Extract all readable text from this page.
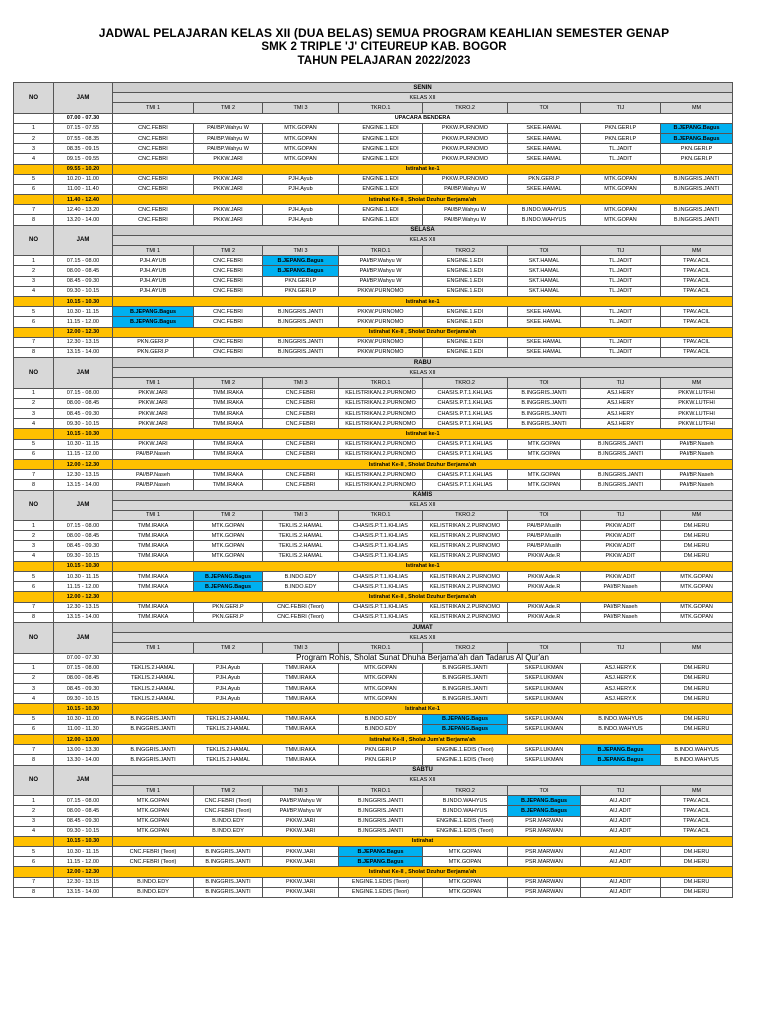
JADWAL PELAJARAN KELAS XII (DUA BELAS) SEMUA PROGRAM KEAHLIAN SEMESTER GENAP
SMK 2 TRIPLE 'J' CITEUREUP KAB. BOGOR
TAHUN PELAJARAN 2022/2023
NO	JAM	SENIN							
		KELAS XII							
		TMI 1	TMI 2	TMI 3	TKRO.1	TKRO.2	TOI	TIJ	MM
	07.00 - 07.30	UPACARA BENDERA							
1	07.15 - 07.55	CNC.FEBRI	PAI/BP.Wahyu W	MTK.GOPAN	ENGINE.1.EDI	PKKW.PURNOMO	SKEE.HAMAL	PKN.GERI.P	B.JEPANG.Bagus
2	07.55 - 08.35	CNC.FEBRI	PAI/BP.Wahyu W	MTK.GOPAN	ENGINE.1.EDI	PKKW.PURNOMO	SKEE.HAMAL	PKN.GERI.P	B.JEPANG.Bagus
3	08.35 - 09.15	CNC.FEBRI	PAI/BP.Wahyu W	MTK.GOPAN	ENGINE.1.EDI	PKKW.PURNOMO	SKEE.HAMAL	TL.JADIT	PKN.GERI.P
4	09.15 - 09.55	CNC.FEBRI	PKKW.JARI	MTK.GOPAN	ENGINE.1.EDI	PKKW.PURNOMO	SKEE.HAMAL	TL.JADIT	PKN.GERI.P
	09.55 - 10.20	Istirahat ke-1							
5	10.20 - 11.00	CNC.FEBRI	PKKW.JARI	PJH.Ayub	ENGINE.1.EDI	PKKW.PURNOMO	PKN.GERI.P	MTK.GOPAN	B.INGGRIS.JANTI
6	11.00 - 11.40	CNC.FEBRI	PKKW.JARI	PJH.Ayub	ENGINE.1.EDI	PAI/BP.Wahyu W	SKEE.HAMAL	MTK.GOPAN	B.INGGRIS.JANTI
	11.40 - 12.40	Istirahat Ke-II , Sholat Dzuhur Berjama'ah							
7	12.40 - 13.20	CNC.FEBRI	PKKW.JARI	PJH.Ayub	ENGINE.1.EDI	PAI/BP.Wahyu W	B.INDO.WAHYUS	MTK.GOPAN	B.INGGRIS.JANTI
8	13.20 - 14.00	CNC.FEBRI	PKKW.JARI	PJH.Ayub	ENGINE.1.EDI	PAI/BP.Wahyu W	B.INDO.WAHYUS	MTK.GOPAN	B.INGGRIS.JANTI
NO	JAM	SELASA							
		KELAS XII							
		TMI 1	TMI 2	TMI 3	TKRO.1	TKRO.2	TOI	TIJ	MM
1	07.15 - 08.00	PJH.AYUB	CNC.FEBRI	B.JEPANG.Bagus	PAI/BP.Wahyu W	ENGINE.1.EDI	SKT.HAMAL	TL.JADIT	TPAV.ACIL
2	08.00 - 08.45	PJH.AYUB	CNC.FEBRI	B.JEPANG.Bagus	PAI/BP.Wahyu W	ENGINE.1.EDI	SKT.HAMAL	TL.JADIT	TPAV.ACIL
3	08.45 - 09.30	PJH.AYUB	CNC.FEBRI	PKN.GERI.P	PAI/BP.Wahyu W	ENGINE.1.EDI	SKT.HAMAL	TL.JADIT	TPAV.ACIL
4	09.30 - 10.15	PJH.AYUB	CNC.FEBRI	PKN.GERI.P	PKKW.PURNOMO	ENGINE.1.EDI	SKT.HAMAL	TL.JADIT	TPAV.ACIL
	10.15 - 10.30	Istirahat ke-1							
5	10.30 - 11.15	B.JEPANG.Bagus	CNC.FEBRI	B.INGGRIS.JANTI	PKKW.PURNOMO	ENGINE.1.EDI	SKEE.HAMAL	TL.JADIT	TPAV.ACIL
6	11.15 - 12.00	B.JEPANG.Bagus	CNC.FEBRI	B.INGGRIS.JANTI	PKKW.PURNOMO	ENGINE.1.EDI	SKEE.HAMAL	TL.JADIT	TPAV.ACIL
	12.00 - 12.30	Istirahat Ke-II , Sholat Dzuhur Berjama'ah							
7	12.30 - 13.15	PKN.GERI.P	CNC.FEBRI	B.INGGRIS.JANTI	PKKW.PURNOMO	ENGINE.1.EDI	SKEE.HAMAL	TL.JADIT	TPAV.ACIL
8	13.15 - 14.00	PKN.GERI.P	CNC.FEBRI	B.INGGRIS.JANTI	PKKW.PURNOMO	ENGINE.1.EDI	SKEE.HAMAL	TL.JADIT	TPAV.ACIL
NO	JAM	RABU							
		KELAS XII							
		TMI 1	TMI 2	TMI 3	TKRO.1	TKRO.2	TOI	TIJ	MM
1	07.15 - 08.00	PKKW.JARI	TMM.IRAKA	CNC.FEBRI	KELISTRIKAN.2.PURNOMO	CHASIS.P.T.1.KHLIAS	B.INGGRIS.JANTI	ASJ.HERY	PKKW.LUTFHI
2	08.00 - 08.45	PKKW.JARI	TMM.IRAKA	CNC.FEBRI	KELISTRIKAN.2.PURNOMO	CHASIS.P.T.1.KHLIAS	B.INGGRIS.JANTI	ASJ.HERY	PKKW.LUTFHI
3	08.45 - 09.30	PKKW.JARI	TMM.IRAKA	CNC.FEBRI	KELISTRIKAN.2.PURNOMO	CHASIS.P.T.1.KHLIAS	B.INGGRIS.JANTI	ASJ.HERY	PKKW.LUTFHI
4	09.30 - 10.15	PKKW.JARI	TMM.IRAKA	CNC.FEBRI	KELISTRIKAN.2.PURNOMO	CHASIS.P.T.1.KHLIAS	B.INGGRIS.JANTI	ASJ.HERY	PKKW.LUTFHI
	10.15 - 10.30	Istirahat ke-1							
5	10.30 - 11.15	PKKW.JARI	TMM.IRAKA	CNC.FEBRI	KELISTRIKAN.2.PURNOMO	CHASIS.P.T.1.KHLIAS	MTK.GOPAN	B.INGGRIS.JANTI	PAI/BP.Naseh
6	11.15 - 12.00	PAI/BP.Naseh	TMM.IRAKA	CNC.FEBRI	KELISTRIKAN.2.PURNOMO	CHASIS.P.T.1.KHLIAS	MTK.GOPAN	B.INGGRIS.JANTI	PAI/BP.Naseh
	12.00 - 12.30	Istirahat Ke-II , Sholat Dzuhur Berjama'ah							
7	12.30 - 13.15	PAI/BP.Naseh	TMM.IRAKA	CNC.FEBRI	KELISTRIKAN.2.PURNOMO	CHASIS.P.T.1.KHLIAS	MTK.GOPAN	B.INGGRIS.JANTI	PAI/BP.Naseh
8	13.15 - 14.00	PAI/BP.Naseh	TMM.IRAKA	CNC.FEBRI	KELISTRIKAN.2.PURNOMO	CHASIS.P.T.1.KHLIAS	MTK.GOPAN	B.INGGRIS.JANTI	PAI/BP.Naseh
NO	JAM	KAMIS							
		KELAS XII							
		TMI 1	TMI 2	TMI 3	TKRO.1	TKRO.2	TOI	TIJ	MM
1	07.15 - 08.00	TMM.IRAKA	MTK.GOPAN	TEKLIS.2.HAMAL	CHASIS.P.T.1.KHLIAS	KELISTRIKAN.2.PURNOMO	PAI/BP.Muslih	PKKW.ADIT	DM.HERU
2	08.00 - 08.45	TMM.IRAKA	MTK.GOPAN	TEKLIS.2.HAMAL	CHASIS.P.T.1.KHLIAS	KELISTRIKAN.2.PURNOMO	PAI/BP.Muslih	PKKW.ADIT	DM.HERU
3	08.45 - 09.30	TMM.IRAKA	MTK.GOPAN	TEKLIS.2.HAMAL	CHASIS.P.T.1.KHLIAS	KELISTRIKAN.2.PURNOMO	PAI/BP.Muslih	PKKW.ADIT	DM.HERU
4	09.30 - 10.15	TMM.IRAKA	MTK.GOPAN	TEKLIS.2.HAMAL	CHASIS.P.T.1.KHLIAS	KELISTRIKAN.2.PURNOMO	PKKW.Ade.R	PKKW.ADIT	DM.HERU
	10.15 - 10.30	Istirahat ke-1							
5	10.30 - 11.15	TMM.IRAKA	B.JEPANG.Bagus	B.INDO.EDY	CHASIS.P.T.1.KHLIAS	KELISTRIKAN.2.PURNOMO	PKKW.Ade.R	PKKW.ADIT	MTK.GOPAN
6	11.15 - 12.00	TMM.IRAKA	B.JEPANG.Bagus	B.INDO.EDY	CHASIS.P.T.1.KHLIAS	KELISTRIKAN.2.PURNOMO	PKKW.Ade.R	PAI/BP.Naseh	MTK.GOPAN
	12.00 - 12.30	Istirahat Ke-II , Sholat Dzuhur Berjama'ah							
7	12.30 - 13.15	TMM.IRAKA	PKN.GERI.P	CNC.FEBRI (Teori)	CHASIS.P.T.1.KHLIAS	KELISTRIKAN.2.PURNOMO	PKKW.Ade.R	PAI/BP.Naseh	MTK.GOPAN
8	13.15 - 14.00	TMM.IRAKA	PKN.GERI.P	CNC.FEBRI (Teori)	CHASIS.P.T.1.KHLIAS	KELISTRIKAN.2.PURNOMO	PKKW.Ade.R	PAI/BP.Naseh	MTK.GOPAN
NO	JAM	JUMAT							
		KELAS XII							
		TMI 1	TMI 2	TMI 3	TKRO.1	TKRO.2	TOI	TIJ	MM
	07.00 - 07.30	Program Rohis, Sholat Sunat Dhuha Berjama'ah dan Tadarus Al Qur'an							
1	07.15 - 08.00	TEKLIS.2.HAMAL	PJH.Ayub	TMM.IRAKA	MTK.GOPAN	B.INGGRIS.JANTI	SKEP.LUKMAN	ASJ.HERY.K	DM.HERU
2	08.00 - 08.45	TEKLIS.2.HAMAL	PJH.Ayub	TMM.IRAKA	MTK.GOPAN	B.INGGRIS.JANTI	SKEP.LUKMAN	ASJ.HERY.K	DM.HERU
3	08.45 - 09.30	TEKLIS.2.HAMAL	PJH.Ayub	TMM.IRAKA	MTK.GOPAN	B.INGGRIS.JANTI	SKEP.LUKMAN	ASJ.HERY.K	DM.HERU
4	09.30 - 10.15	TEKLIS.2.HAMAL	PJH.Ayub	TMM.IRAKA	MTK.GOPAN	B.INGGRIS.JANTI	SKEP.LUKMAN	ASJ.HERY.K	DM.HERU
	10.15 - 10.30	Istirahat Ke-1							
5	10.30 - 11.00	B.INGGRIS.JANTI	TEKLIS.2.HAMAL	TMM.IRAKA	B.INDO.EDY	B.JEPANG.Bagus	SKEP.LUKMAN	B.INDO.WAHYUS	DM.HERU
6	11.00 - 11.30	B.INGGRIS.JANTI	TEKLIS.2.HAMAL	TMM.IRAKA	B.INDO.EDY	B.JEPANG.Bagus	SKEP.LUKMAN	B.INDO.WAHYUS	DM.HERU
	12.00 - 13.00	Istirahat Ke-II , Sholat Jum'at Berjama'ah							
7	13.00 - 13.30	B.INGGRIS.JANTI	TEKLIS.2.HAMAL	TMM.IRAKA	PKN.GERI.P	ENGINE.1.EDIS (Teori)	SKEP.LUKMAN	B.JEPANG.Bagus	B.INDO.WAHYUS
8	13.30 - 14.00	B.INGGRIS.JANTI	TEKLIS.2.HAMAL	TMM.IRAKA	PKN.GERI.P	ENGINE.1.EDIS (Teori)	SKEP.LUKMAN	B.JEPANG.Bagus	B.INDO.WAHYUS
NO	JAM	SABTU							
		KELAS XII							
		TMI 1	TMI 2	TMI 3	TKRO.1	TKRO.2	TOI	TIJ	MM
1	07.15 - 08.00	MTK.GOPAN	CNC.FEBRI (Teori)	PAI/BP.Wahyu W	B.INGGRIS.JANTI	B.INDO.WAHYUS	B.JEPANG.Bagus	AIJ.ADIT	TPAV.ACIL
2	08.00 - 08.45	MTK.GOPAN	CNC.FEBRI (Teori)	PAI/BP.Wahyu W	B.INGGRIS.JANTI	B.INDO.WAHYUS	B.JEPANG.Bagus	AIJ.ADIT	TPAV.ACIL
3	08.45 - 09.30	MTK.GOPAN	B.INDO.EDY	PKKW.JARI	B.INGGRIS.JANTI	ENGINE.1.EDIS (Teori)	PSR.MARWAN	AIJ.ADIT	TPAV.ACIL
4	09.30 - 10.15	MTK.GOPAN	B.INDO.EDY	PKKW.JARI	B.INGGRIS.JANTI	ENGINE.1.EDIS (Teori)	PSR.MARWAN	AIJ.ADIT	TPAV.ACIL
	10.15 - 10.30	Istirahat							
5	10.30 - 11.15	CNC.FEBRI (Teori)	B.INGGRIS.JANTI	PKKW.JARI	B.JEPANG.Bagus	MTK.GOPAN	PSR.MARWAN	AIJ.ADIT	DM.HERU
6	11.15 - 12.00	CNC.FEBRI (Teori)	B.INGGRIS.JANTI	PKKW.JARI	B.JEPANG.Bagus	MTK.GOPAN	PSR.MARWAN	AIJ.ADIT	DM.HERU
	12.00 - 12.30	Istirahat Ke-II , Sholat Dzuhur Berjama'ah							
7	12.30 - 13.15	B.INDO.EDY	B.INGGRIS.JANTI	PKKW.JARI	ENGINE.1.EDIS (Teori)	MTK.GOPAN	PSR.MARWAN	AIJ.ADIT	DM.HERU
8	13.15 - 14.00	B.INDO.EDY	B.INGGRIS.JANTI	PKKW.JARI	ENGINE.1.EDIS (Teori)	MTK.GOPAN	PSR.MARWAN	AIJ.ADIT	DM.HERU
